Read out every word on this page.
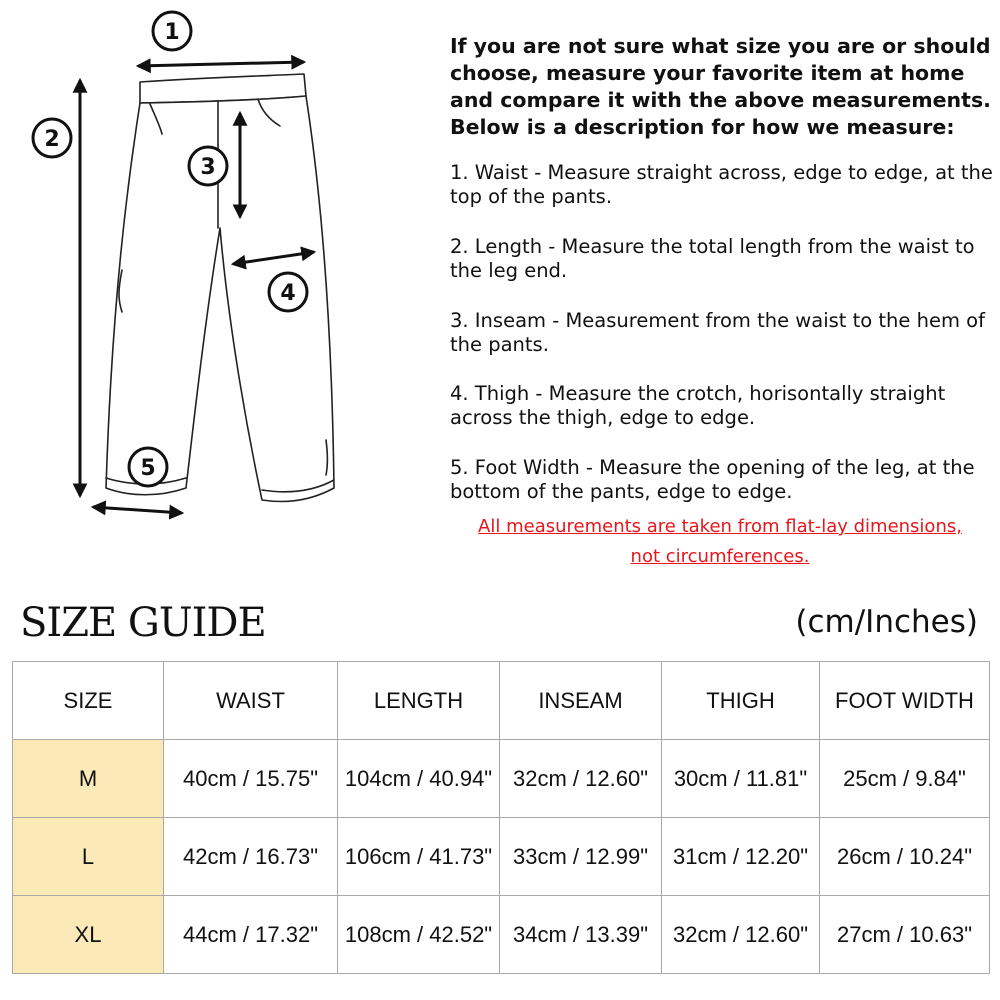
1
2
3
4
5
If you are not sure what size you are or should choose, measure your favorite item at home and compare it with the above measurements. Below is a description for how we measure:
1. Waist - Measure straight across, edge to edge, at the top of the pants.
2. Length - Measure the total length from the waist to the leg end.
3. Inseam - Measurement from the waist to the hem of the pants.
4. Thigh - Measure the crotch, horisontally straight across the thigh, edge to edge.
5. Foot Width - Measure the opening of the leg, at the bottom of the pants, edge to edge.
All measurements are taken from flat-lay dimensions,
not circumferences.
SIZE GUIDE	(cm/Inches)
SIZE	WAIST	LENGTH	INSEAM	THIGH	FOOT WIDTH
M	40cm / 15.75"	104cm / 40.94"	32cm / 12.60"	30cm / 11.81"	25cm / 9.84"
L	42cm / 16.73"	106cm / 41.73"	33cm / 12.99"	31cm / 12.20"	26cm / 10.24"
XL	44cm / 17.32"	108cm / 42.52"	34cm / 13.39"	32cm / 12.60"	27cm / 10.63"
